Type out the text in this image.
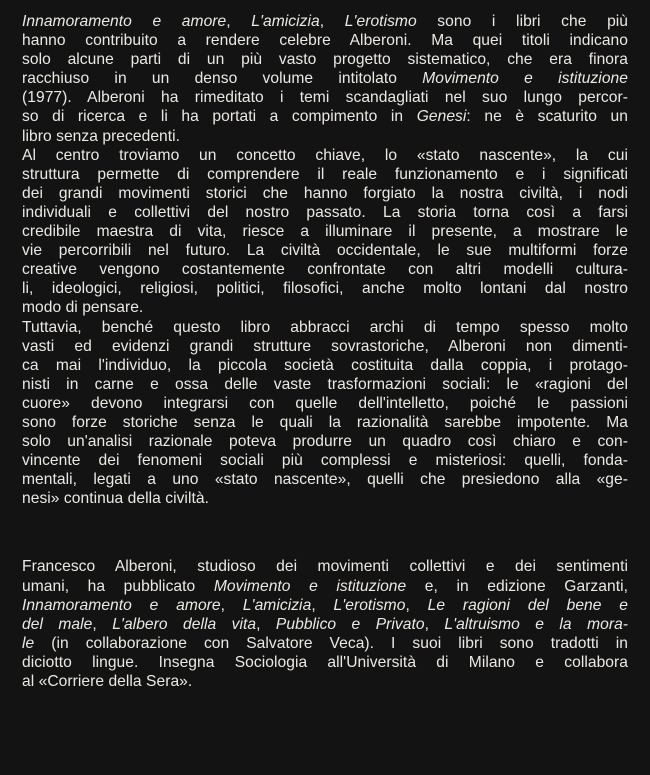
Innamoramento e amore, L'amicizia, L'erotismo sono i libri che più
hanno contribuito a rendere celebre Alberoni. Ma quei titoli indicano
solo alcune parti di un più vasto progetto sistematico, che era finora
racchiuso in un denso volume intitolato Movimento e istituzione
(1977). Alberoni ha rimeditato i temi scandagliati nel suo lungo percor-
so di ricerca e li ha portati a compimento in Genesi: ne è scaturito un
libro senza precedenti.
Al centro troviamo un concetto chiave, lo «stato nascente», la cui
struttura permette di comprendere il reale funzionamento e i significati
dei grandi movimenti storici che hanno forgiato la nostra civiltà, i nodi
individuali e collettivi del nostro passato. La storia torna così a farsi
credibile maestra di vita, riesce a illuminare il presente, a mostrare le
vie percorribili nel futuro. La civiltà occidentale, le sue multiformi forze
creative vengono costantemente confrontate con altri modelli cultura-
li, ideologici, religiosi, politici, filosofici, anche molto lontani dal nostro
modo di pensare.
Tuttavia, benché questo libro abbracci archi di tempo spesso molto
vasti ed evidenzi grandi strutture sovrastoriche, Alberoni non dimenti-
ca mai l'individuo, la piccola società costituita dalla coppia, i protago-
nisti in carne e ossa delle vaste trasformazioni sociali: le «ragioni del
cuore» devono integrarsi con quelle dell'intelletto, poiché le passioni
sono forze storiche senza le quali la razionalità sarebbe impotente. Ma
solo un'analisi razionale poteva produrre un quadro così chiaro e con-
vincente dei fenomeni sociali più complessi e misteriosi: quelli, fonda-
mentali, legati a uno «stato nascente», quelli che presiedono alla «ge-
nesi» continua della civiltà.
Francesco Alberoni, studioso dei movimenti collettivi e dei sentimenti
umani, ha pubblicato Movimento e istituzione e, in edizione Garzanti,
Innamoramento e amore, L'amicizia, L'erotismo, Le ragioni del bene e
del male, L'albero della vita, Pubblico e Privato, L'altruismo e la mora-
le (in collaborazione con Salvatore Veca). I suoi libri sono tradotti in
diciotto lingue. Insegna Sociologia all'Università di Milano e collabora
al «Corriere della Sera».
